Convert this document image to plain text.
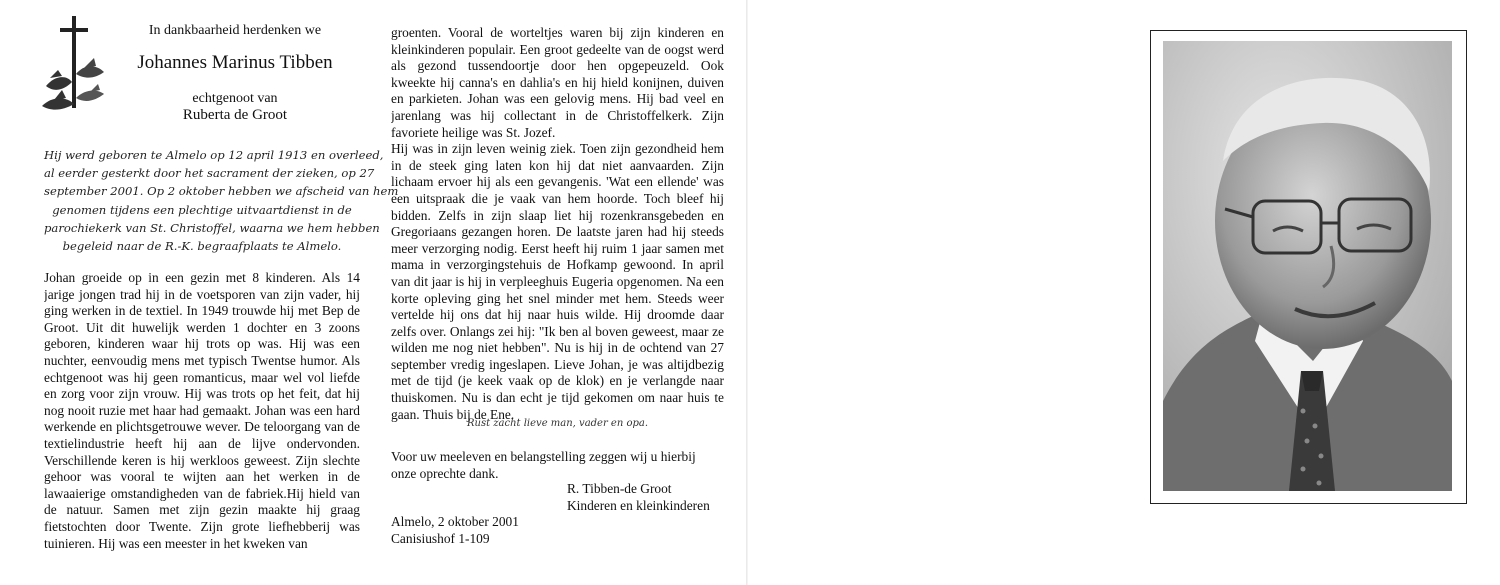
In dankbaarheid herdenken we
Johannes Marinus Tibben
echtgenoot van
Ruberta de Groot
Hij werd geboren te Almelo op 12 april 1913 en overleed,
al eerder gesterkt door het sacrament der zieken, op 27
september 2001. Op 2 oktober hebben we afscheid van hem
genomen tijdens een plechtige uitvaartdienst in de
parochiekerk van St. Christoffel, waarna we hem hebben
begeleid naar de R.-K. begraafplaats te Almelo.
Johan groeide op in een gezin met 8 kinderen. Als 14
jarige jongen trad hij in de voetsporen van zijn vader, hij
ging werken in de textiel. In 1949 trouwde hij met Bep de
Groot. Uit dit huwelijk werden 1 dochter en 3 zoons
geboren, kinderen waar hij trots op was. Hij was een
nuchter, eenvoudig mens met typisch Twentse humor. Als
echtgenoot was hij geen romanticus, maar wel vol liefde
en zorg voor zijn vrouw. Hij was trots op het feit, dat hij
nog nooit ruzie met haar had gemaakt. Johan was een hard
werkende en plichtsgetrouwe wever. De teloorgang van de
textielindustrie heeft hij aan de lijve ondervonden.
Verschillende keren is hij werkloos geweest. Zijn slechte
gehoor was vooral te wijten aan het werken in de
lawaaierige omstandigheden van de fabriek.Hij hield van
de natuur. Samen met zijn gezin maakte hij graag
fietstochten door Twente. Zijn grote liefhebberij was
tuinieren. Hij was een meester in het kweken van
groenten. Vooral de worteltjes waren bij zijn kinderen en
kleinkinderen populair. Een groot gedeelte van de oogst werd
als gezond tussendoortje door hen opgepeuzeld. Ook
kweekte hij canna's en dahlia's en hij hield konijnen, duiven
en parkieten. Johan was een gelovig mens. Hij bad veel en
jarenlang was hij collectant in de Christoffelkerk. Zijn
favoriete heilige was St. Jozef.
Hij was in zijn leven weinig ziek. Toen zijn gezondheid hem
in de steek ging laten kon hij dat niet aanvaarden. Zijn
lichaam ervoer hij als een gevangenis. 'Wat een ellende' was
een uitspraak die je vaak van hem hoorde. Toch bleef hij
bidden. Zelfs in zijn slaap liet hij rozenkransgebeden en
Gregoriaans gezangen horen. De laatste jaren had hij steeds
meer verzorging nodig. Eerst heeft hij ruim 1 jaar samen met
mama in verzorgingstehuis de Hofkamp gewoond. In april
van dit jaar is hij in verpleeghuis Eugeria opgenomen. Na een
korte opleving ging het snel minder met hem. Steeds weer
vertelde hij ons dat hij naar huis wilde. Hij droomde daar
zelfs over. Onlangs zei hij: "Ik ben al boven geweest, maar ze
wilden me nog niet hebben". Nu is hij in de ochtend van 27
september vredig ingeslapen. Lieve Johan, je was altijdbezig
met de tijd (je keek vaak op de klok) en je verlangde naar
thuiskomen. Nu is dan echt je tijd gekomen om naar huis te
gaan. Thuis bij de Ene.
Rust zacht lieve man, vader en opa.
Voor uw meeleven en belangstelling zeggen wij u hierbij onze oprechte dank.
R. Tibben-de Groot
Kinderen en kleinkinderen
Almelo, 2 oktober 2001
Canisiushof 1-109
